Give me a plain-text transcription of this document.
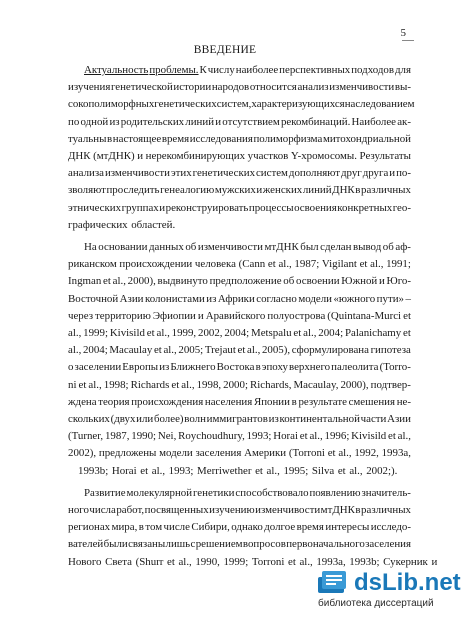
5
ВВЕДЕНИЕ
Актуальность проблемы. К числу наиболее перспективных подходов для
изучения генетической истории народов относится анализ изменчивости вы-
сокополиморфных генетических систем, характеризующихся наследованием
по одной из родительских линий и отсутствием рекомбинаций. Наиболее ак-
туальны в настоящее время исследования полиморфизма митохондриальной
ДНК (мтДНК) и нерекомбинирующих участков Y-хромосомы. Результаты
анализа изменчивости этих генетических систем дополняют друг друга и по-
зволяют проследить генеалогию мужских и женских линий ДНК в различных
этнических группах и реконструировать процессы освоения конкретных гео-
графических областей.
На основании данных об изменчивости мтДНК был сделан вывод об аф-
риканском происхождении человека (Cann et al., 1987; Vigilant et al., 1991;
Ingman et al., 2000), выдвинуто предположение об освоении Южной и Юго-
Восточной Азии колонистами из Африки согласно модели «южного пути» –
через территорию Эфиопии и Аравийского полуострова (Quintana-Murci et
al., 1999; Kivisild et al., 1999, 2002, 2004; Metspalu et al., 2004; Palanichamy et
al., 2004; Macaulay et al., 2005; Trejaut et al., 2005), сформулирована гипотеза
о заселении Европы из Ближнего Востока в эпоху верхнего палеолита (Torro-
ni et al., 1998; Richards et al., 1998, 2000; Richards, Macaulay, 2000), подтвер-
ждена теория происхождения населения Японии в результате смешения не-
скольких (двух или более) волн иммигрантов из континентальной части Азии
(Turner, 1987, 1990; Nei, Roychoudhury, 1993; Horai et al., 1996; Kivisild et al.,
2002), предложены модели заселения Америки (Torroni et al., 1992, 1993a,
1993b; Horai et al., 1993; Merriwether et al., 1995; Silva et al., 2002;).
Развитие молекулярной генетики способствовало появлению значитель-
ного числа работ, посвященных изучению изменчивости мтДНК в различных
регионах мира, в том числе Сибири, однако долгое время интересы исследо-
вателей были связаны лишь с решением вопросов первоначального заселения
Нового Света (Shurr et al., 1990, 1999; Torroni et al., 1993a, 1993b; Сукерник и
dsLib.net
библиотека диссертаций
